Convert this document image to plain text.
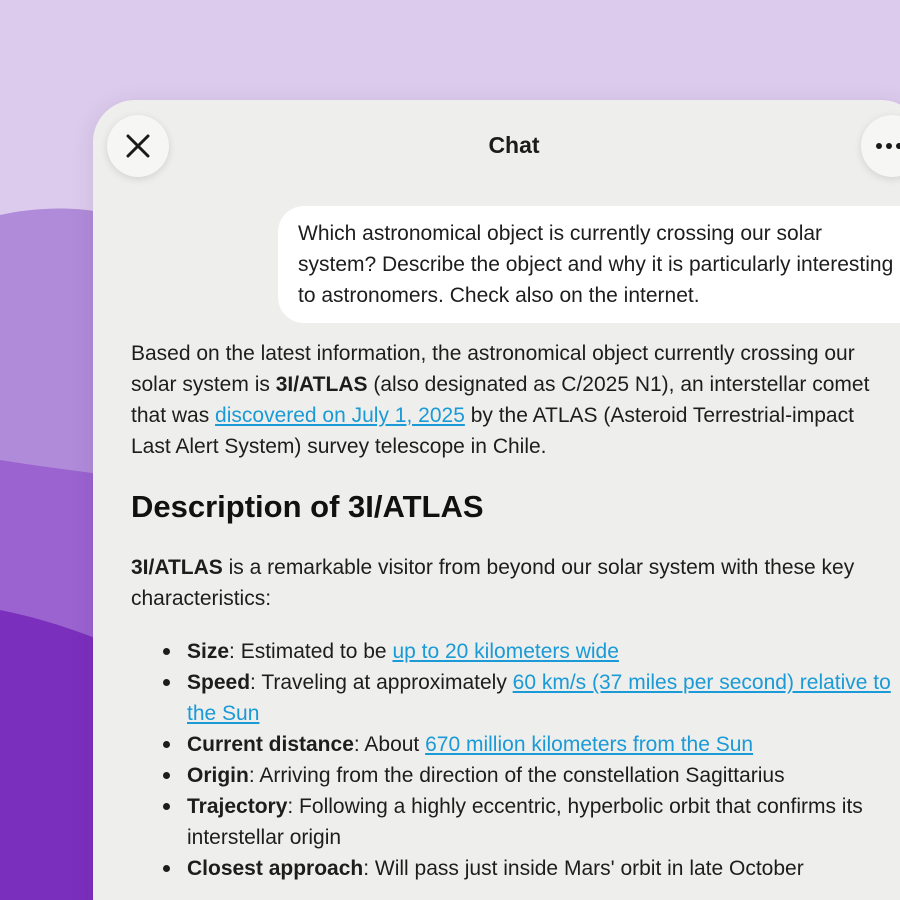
Chat
Which astronomical object is currently crossing our solar system? Describe the object and why it is particularly interesting to astronomers. Check also on the internet.

Based on the latest information, the astronomical object currently crossing our solar system is 3I/ATLAS (also designated as C/2025 N1), an interstellar comet that was discovered on July 1, 2025 by the ATLAS (Asteroid Terrestrial-impact Last Alert System) survey telescope in Chile.

Description of 3I/ATLAS

3I/ATLAS is a remarkable visitor from beyond our solar system with these key characteristics:

Size: Estimated to be up to 20 kilometers wide
Speed: Traveling at approximately 60 km/s (37 miles per second) relative to the Sun
Current distance: About 670 million kilometers from the Sun
Origin: Arriving from the direction of the constellation Sagittarius
Trajectory: Following a highly eccentric, hyperbolic orbit that confirms its interstellar origin
Closest approach: Will pass just inside Mars' orbit in late October
